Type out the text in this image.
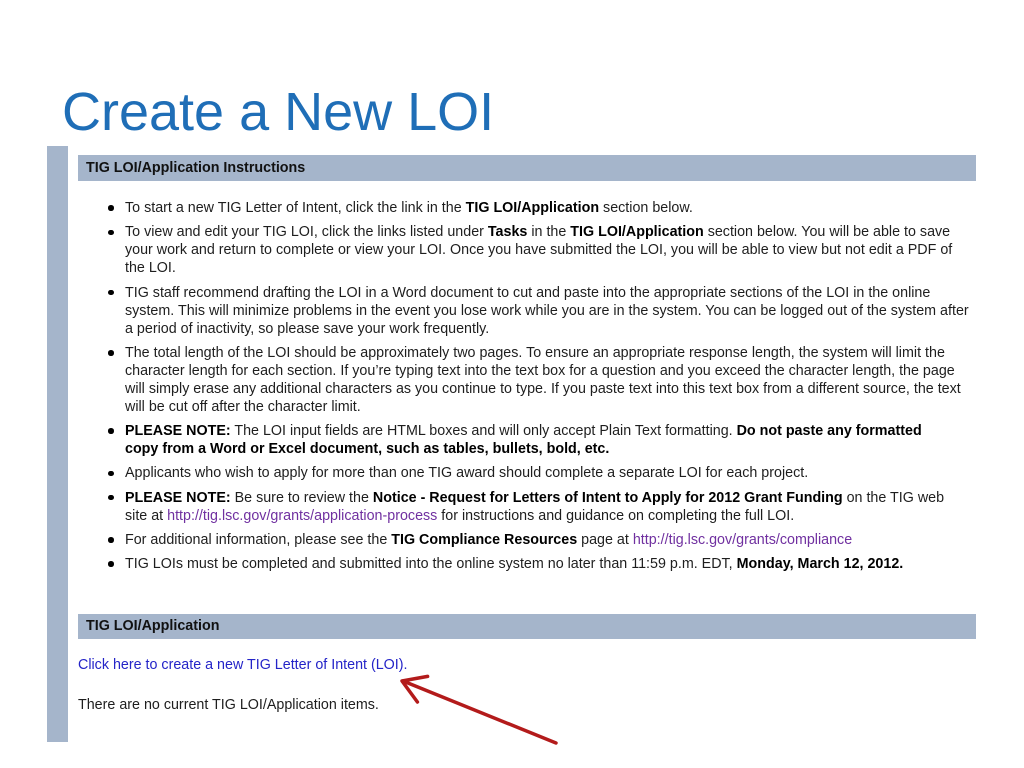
Create a New LOI
TIG LOI/Application Instructions
To start a new TIG Letter of Intent, click the link in the TIG LOI/Application section below.
To view and edit your TIG LOI, click the links listed under Tasks in the TIG LOI/Application section below. You will be able to save
your work and return to complete or view your LOI. Once you have submitted the LOI, you will be able to view but not edit a PDF of
the LOI.
TIG staff recommend drafting the LOI in a Word document to cut and paste into the appropriate sections of the LOI in the online
system. This will minimize problems in the event you lose work while you are in the system. You can be logged out of the system after
a period of inactivity, so please save your work frequently.
The total length of the LOI should be approximately two pages. To ensure an appropriate response length, the system will limit the
character length for each section. If you’re typing text into the text box for a question and you exceed the character length, the page
will simply erase any additional characters as you continue to type. If you paste text into this text box from a different source, the text
will be cut off after the character limit.
PLEASE NOTE: The LOI input fields are HTML boxes and will only accept Plain Text formatting. Do not paste any formatted
copy from a Word or Excel document, such as tables, bullets, bold, etc.
Applicants who wish to apply for more than one TIG award should complete a separate LOI for each project.
PLEASE NOTE: Be sure to review the Notice - Request for Letters of Intent to Apply for 2012 Grant Funding on the TIG web
site at http://tig.lsc.gov/grants/application-process for instructions and guidance on completing the full LOI.
For additional information, please see the TIG Compliance Resources page at http://tig.lsc.gov/grants/compliance
TIG LOIs must be completed and submitted into the online system no later than 11:59 p.m. EDT, Monday, March 12, 2012.
TIG LOI/Application
Click here to create a new TIG Letter of Intent (LOI).
There are no current TIG LOI/Application items.
